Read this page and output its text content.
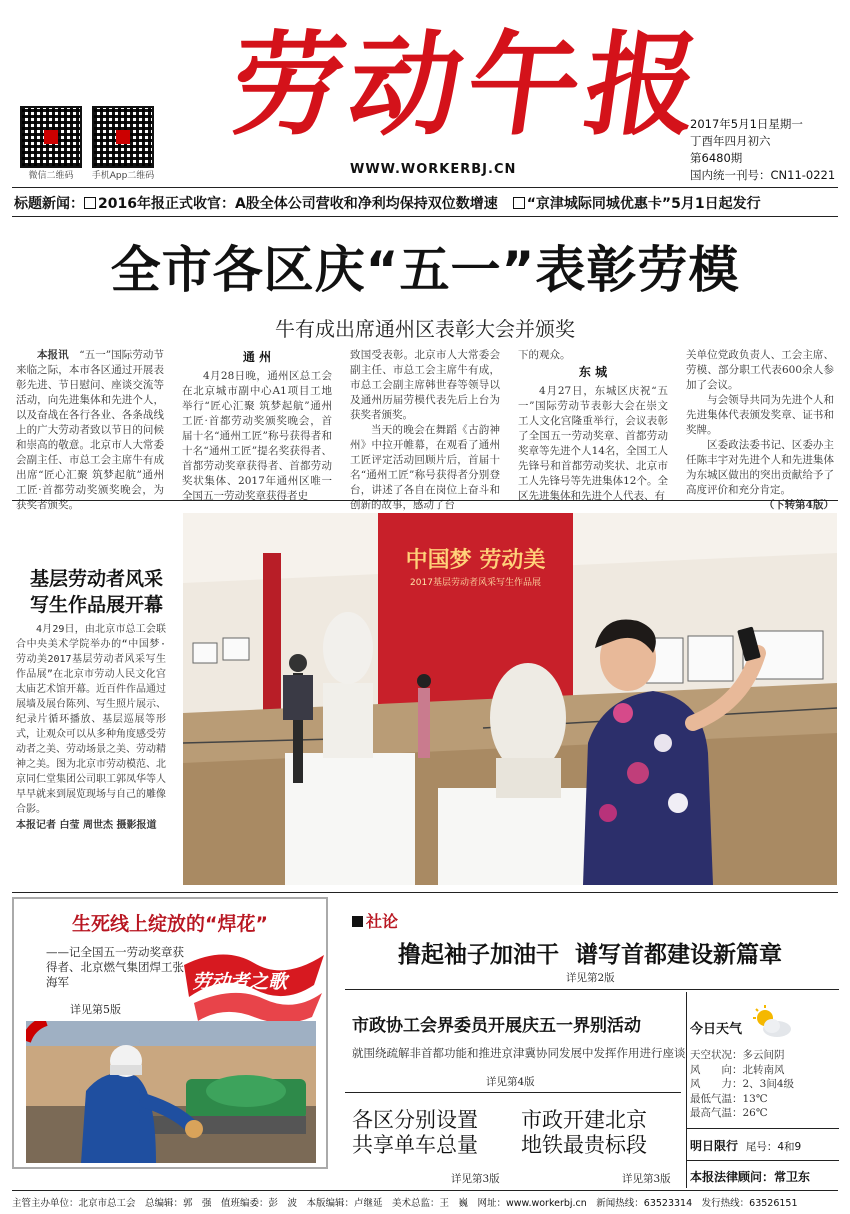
微信二维码	手机App二维码
劳动午报
WWW.WORKERBJ.CN
2017年5月1日星期一
丁酉年四月初六
第6480期
国内统一刊号：CN11-0221
标题新闻： 2016年报正式收官：A股全体公司营收和净利均保持双位数增速 “京津城际同城优惠卡”5月1日起发行
全市各区庆“五一”表彰劳模
牛有成出席通州区表彰大会并颁奖

本报讯　 “五一”国际劳动节来临之际，本市各区通过开展表彰先进、节日慰问、座谈交流等活动，向先进集体和先进个人，以及奋战在各行各业、各条战线上的广大劳动者致以节日的问候和崇高的敬意。北京市人大常委会副主任、市总工会主席牛有成出席“匠心汇聚 筑梦起航”通州工匠·首都劳动奖颁奖晚会，为获奖者颁奖。

通 州

4月28日晚，通州区总工会在北京城市副中心A1项目工地举行“匠心汇聚 筑梦起航”通州工匠·首都劳动奖颁奖晚会，首届十名“通州工匠”称号获得者和十名“通州工匠”提名奖获得者、首都劳动奖章获得者、首都劳动奖状集体、2017年通州区唯一全国五一劳动奖章获得者史

致国受表彰。北京市人大常委会副主任、市总工会主席牛有成，市总工会副主席韩世春等领导以及通州历届劳模代表先后上台为获奖者颁奖。

当天的晚会在舞蹈《古韵神州》中拉开帷幕，在观看了通州工匠评定活动回顾片后，首届十名“通州工匠”称号获得者分别登台，讲述了各自在岗位上奋斗和创新的故事，感动了台

下的观众。

东 城

4月27日，东城区庆祝“五一”国际劳动节表彰大会在崇文工人文化宫隆重举行，会议表彰了全国五一劳动奖章、首都劳动奖章等先进个人14名，全国工人先锋号和首都劳动奖状、北京市工人先锋号等先进集体12个。全区先进集体和先进个人代表、有

关单位党政负责人、工会主席、劳模、部分职工代表600余人参加了会议。

与会领导共同为先进个人和先进集体代表颁发奖章、证书和奖牌。

区委政法委书记、区委办主任陈丰宇对先进个人和先进集体为东城区做出的突出贡献给予了高度评价和充分肯定。

（下转第4版）
基层劳动者风采
写生作品展开幕

4月29日，由北京市总工会联合中央美术学院举办的“中国梦·劳动美2017基层劳动者风采写生作品展”在北京市劳动人民文化宫太庙艺术馆开幕。近百件作品通过展墙及展台陈列、写生照片展示、纪录片循环播放、基层巡展等形式，让观众可以从多种角度感受劳动者之美、劳动场景之美、劳动精神之美。图为北京市劳动模范、北京同仁堂集团公司职工郭凤华等人早早就来到展览现场与自己的雕像合影。

本报记者 白莹 周世杰 摄影报道
中国梦 劳动美
2017基层劳动者风采写生作品展
生死线上绽放的“焊花”
——记全国五一劳动奖章获得者、北京燃气集团焊工张海军
详见第5版
劳动者之歌
社论
撸起袖子加油干  谱写首都建设新篇章
详见第2版
市政协工会界委员开展庆五一界别活动
就围绕疏解非首都功能和推进京津冀协同发展中发挥作用进行座谈
详见第4版
各区分别设置
共享单车总量
详见第3版
市政开建北京
地铁最贵标段
详见第3版
今日天气
天空状况：多云间阴
风　　向：北转南风
风　　力：2、3间4级
最低气温：13℃
最高气温：26℃
明日限行 尾号：4和9
本报法律顾问：常卫东
主管主办单位：北京市总工会　总编辑：郭　强　值班编委：彭　波　本版编辑：卢继延　美术总监：王　巍　网址：www.workerbj.cn　新闻热线：63523314　发行热线：63526151
